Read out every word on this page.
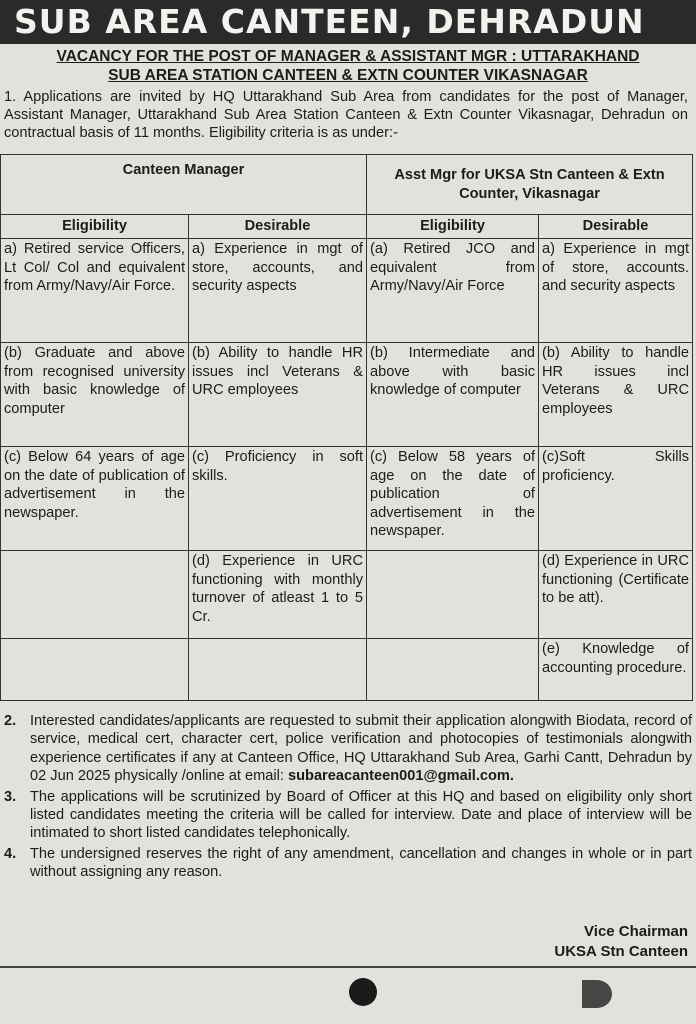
SUB AREA CANTEEN, DEHRADUN
VACANCY FOR THE POST OF MANAGER & ASSISTANT MGR : UTTARAKHAND
SUB AREA STATION CANTEEN & EXTN COUNTER VIKASNAGAR
1. Applications are invited by HQ Uttarakhand Sub Area from candidates for the post of Manager, Assistant Manager, Uttarakhand Sub Area Station Canteen & Extn Counter Vikasnagar, Dehradun on contractual basis of 11 months. Eligibility criteria is as under:-
Canteen Manager		Asst Mgr for UKSA Stn Canteen & Extn Counter, Vikasnagar	
Eligibility	Desirable	Eligibility	Desirable
a) Retired service Officers, Lt Col/ Col and equivalent from Army/Navy/Air Force.	a) Experience in mgt of store, accounts, and security aspects	(a) Retired JCO and equivalent from Army/Navy/Air Force	a) Experience in mgt of store, accounts. and security aspects
(b) Graduate and above from recognised university with basic knowledge of computer	(b) Ability to handle HR issues incl Veterans & URC employees	(b) Intermediate and above with basic knowledge of computer	(b) Ability to handle HR issues incl Veterans & URC employees
(c) Below 64 years of age on the date of publication of advertisement in the newspaper.	(c) Proficiency in soft skills.	(c) Below 58 years of age on the date of publication of advertisement in the newspaper.	(c)Soft Skills proficiency.
	(d) Experience in URC functioning with monthly turnover of atleast 1 to 5 Cr.		(d) Experience in URC functioning (Certificate to be att).
			(e) Knowledge of accounting procedure.
2. Interested candidates/applicants are requested to submit their application alongwith Biodata, record of service, medical cert, character cert, police verification and photocopies of testimonials alongwith experience certificates if any at Canteen Office, HQ Uttarakhand Sub Area, Garhi Cantt, Dehradun by 02 Jun 2025 physically /online at email: subareacanteen001@gmail.com.
3. The applications will be scrutinized by Board of Officer at this HQ and based on eligibility only short listed candidates meeting the criteria will be called for interview. Date and place of interview will be intimated to short listed candidates telephonically.
4. The undersigned reserves the right of any amendment, cancellation and changes in whole or in part without assigning any reason.
Vice Chairman
UKSA Stn Canteen
